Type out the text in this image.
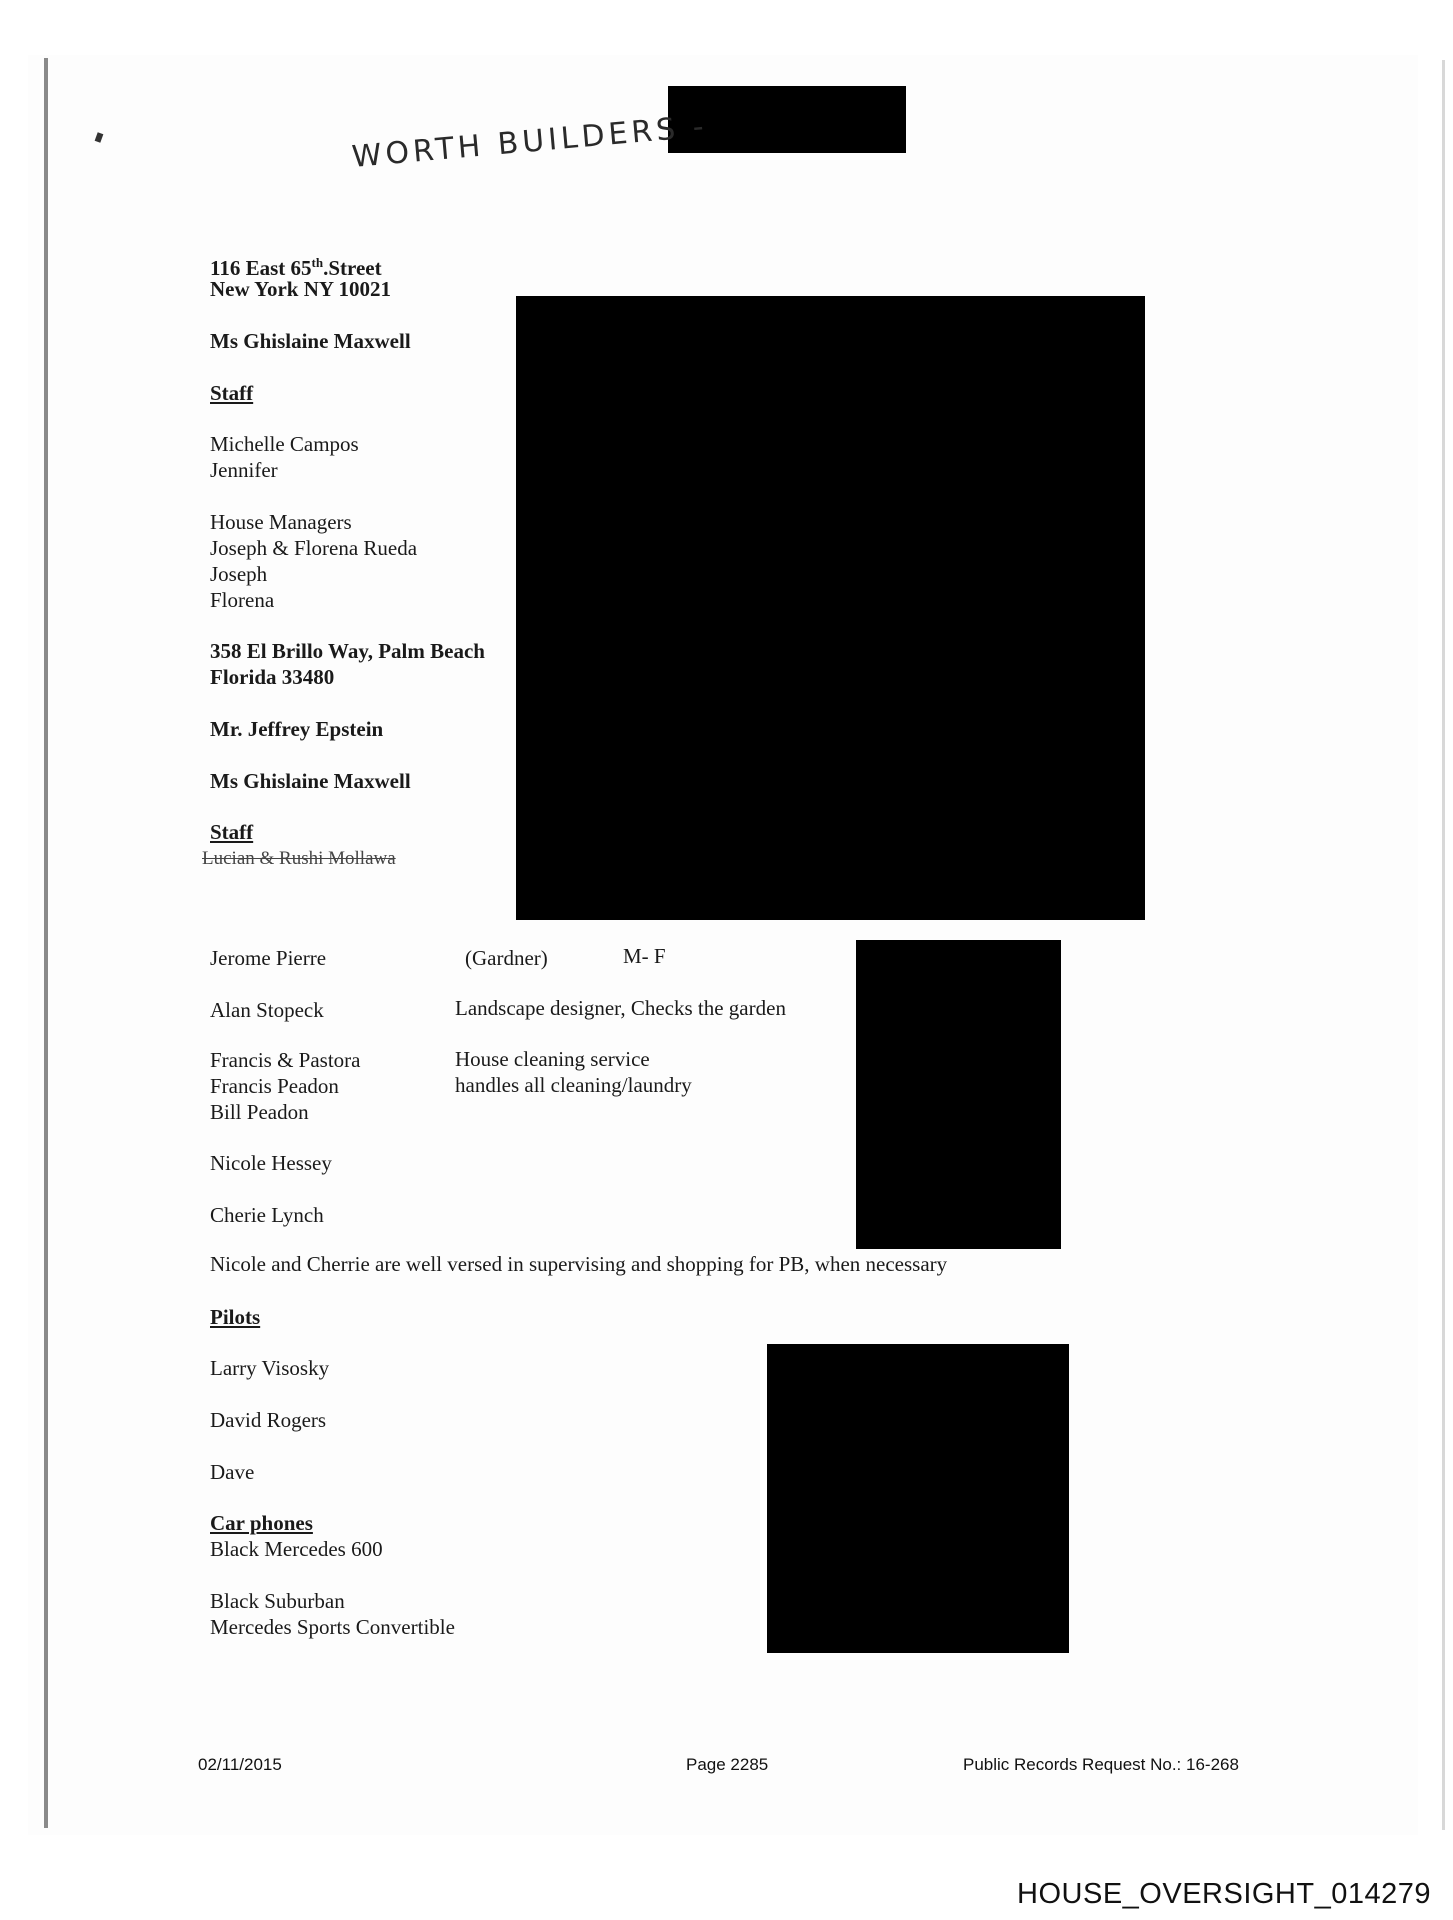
WORTH BUILDERS -
116 East 65th.Street
New York NY 10021
Ms Ghislaine Maxwell
Staff
Michelle Campos
Jennifer
House Managers
Joseph & Florena Rueda
Joseph
Florena
358 El Brillo Way, Palm Beach
Florida 33480
Mr. Jeffrey Epstein
Ms Ghislaine Maxwell
Staff
Lucian & Rushi Mollawa
Jerome Pierre	(Gardner)	M- F
Alan Stopeck	Landscape designer, Checks the garden
Francis & Pastora	House cleaning service
Francis Peadon	handles all cleaning/laundry
Bill Peadon
Nicole Hessey
Cherie Lynch
Nicole and Cherrie are well versed in supervising and shopping for PB, when necessary
Pilots
Larry Visosky
David Rogers
Dave
Car phones
Black Mercedes 600
Black Suburban
Mercedes Sports Convertible
02/11/2015	Page 2285	Public Records Request No.: 16-268
HOUSE_OVERSIGHT_014279
